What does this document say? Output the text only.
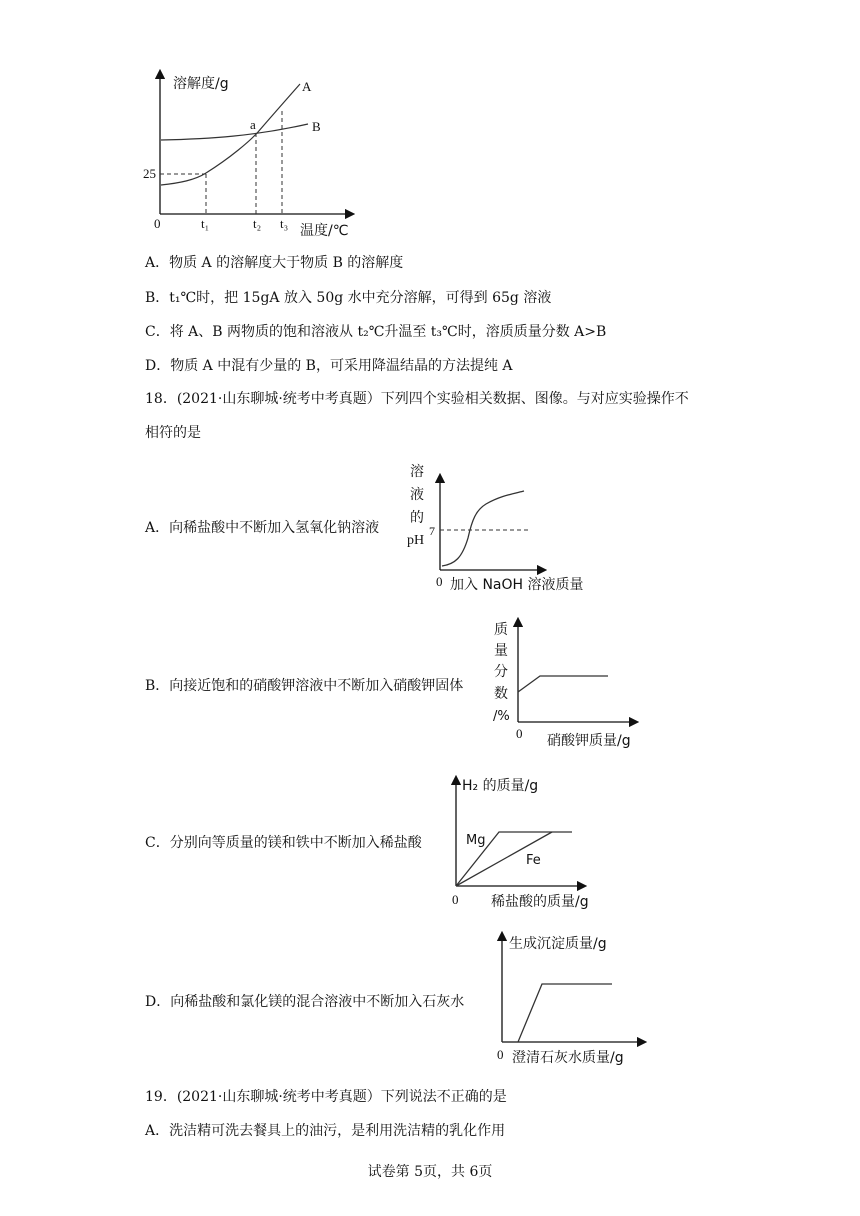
溶解度/g
0
25
t₁	t₂ t₃ 温度/℃
A
B
a
A．物质 A 的溶解度大于物质 B 的溶解度
B．t₁℃时，把 15gA 放入 50g 水中充分溶解，可得到 65g 溶液
C．将 A、B 两物质的饱和溶液从 t₂℃升温至 t₃℃时，溶质质量分数 A>B
D．物质 A 中混有少量的 B，可采用降温结晶的方法提纯 A
18．(2021·山东聊城·统考中考真题）下列四个实验相关数据、图像。与对应实验操作不
相符的是
A．向稀盐酸中不断加入氢氧化钠溶液
溶
液
的
pH
7
0 加入 NaOH 溶液质量
B．向接近饱和的硝酸钾溶液中不断加入硝酸钾固体
质
量
分
数
/%
0 硝酸钾质量/g
C．分别向等质量的镁和铁中不断加入稀盐酸
H₂ 的质量/g
Mg
Fe
0 稀盐酸的质量/g
D．向稀盐酸和氯化镁的混合溶液中不断加入石灰水
生成沉淀质量/g
0 澄清石灰水质量/g
19．(2021·山东聊城·统考中考真题）下列说法不正确的是
A．洗洁精可洗去餐具上的油污，是利用洗洁精的乳化作用
试卷第 5页，共 6页
